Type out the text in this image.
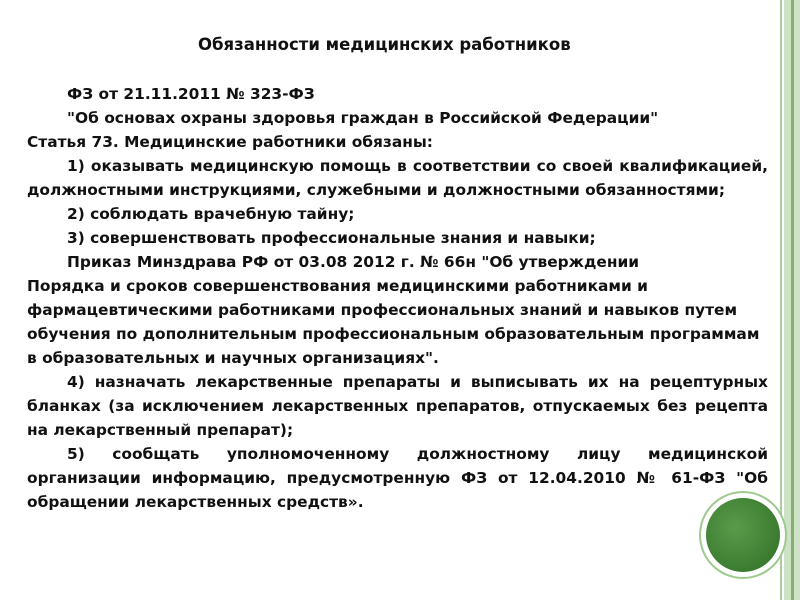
Обязанности медицинских работников

ФЗ от 21.11.2011 № 323-ФЗ

"Об основах охраны здоровья граждан в Российской Федерации"

Статья 73. Медицинские работники обязаны:

1) оказывать медицинскую помощь в соответствии со своей квалификацией, должностными инструкциями, служебными и должностными обязанностями;

2) соблюдать врачебную тайну;

3) совершенствовать профессиональные знания и навыки;

Приказ Минздрава РФ от 03.08 2012 г. № 66н "Об утверждении

Порядка и сроков совершенствования медицинскими работниками и фармацевтическими работниками профессиональных знаний и навыков путем обучения по дополнительным профессиональным образовательным программам в образовательных и научных организациях".

4) назначать лекарственные препараты и выписывать их на рецептурных бланках (за исключением лекарственных препаратов, отпускаемых без рецепта на лекарственный препарат);

5) сообщать уполномоченному должностному лицу медицинской организации информацию, предусмотренную ФЗ от 12.04.2010 № 61-ФЗ "Об обращении лекарственных средств».
